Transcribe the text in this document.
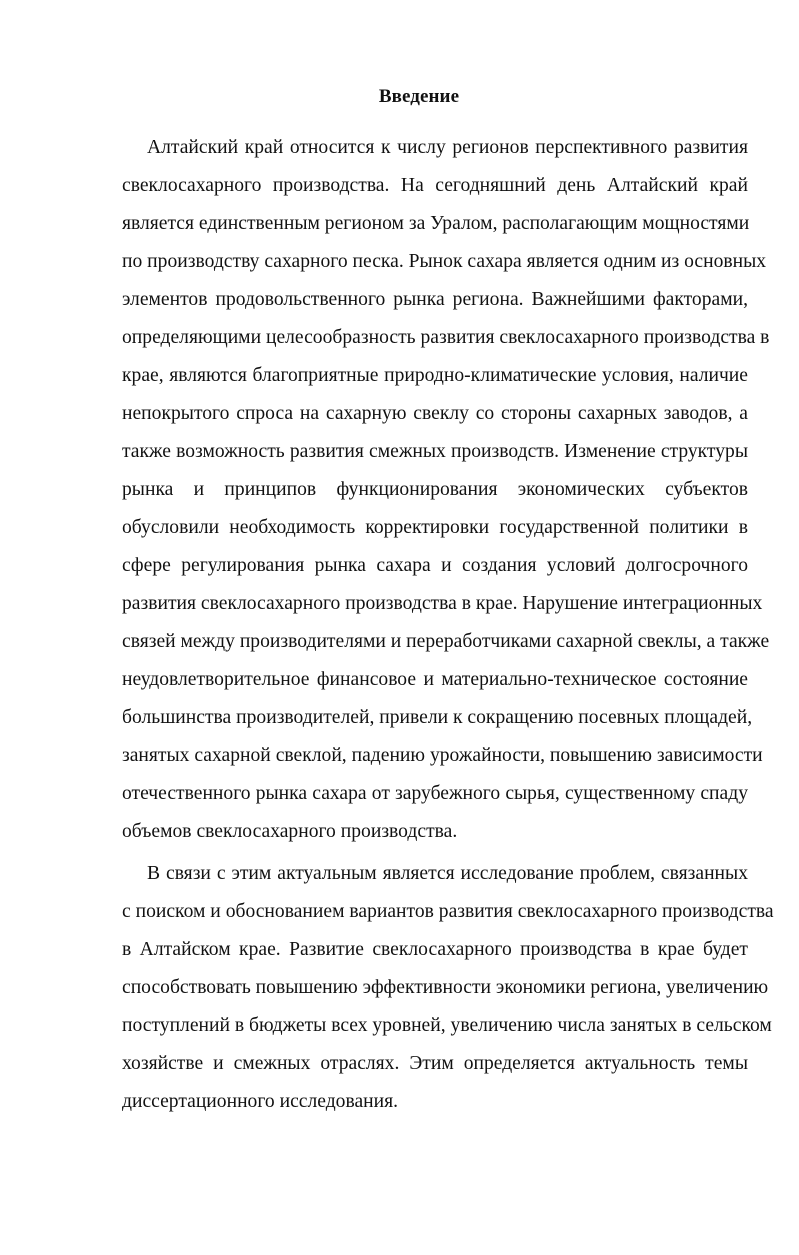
Введение
Алтайский край относится к числу регионов перспективного развития
свеклосахарного производства. На сегодняшний день Алтайский край
является единственным регионом за Уралом, располагающим мощностями
по производству сахарного песка. Рынок сахара является одним из основных
элементов продовольственного рынка региона. Важнейшими факторами,
определяющими целесообразность развития свеклосахарного производства в
крае, являются благоприятные природно-климатические условия, наличие
непокрытого спроса на сахарную свеклу со стороны сахарных заводов, а
также возможность развития смежных производств. Изменение структуры
рынка и принципов функционирования экономических субъектов
обусловили необходимость корректировки государственной политики в
сфере регулирования рынка сахара и создания условий долгосрочного
развития свеклосахарного производства в крае. Нарушение интеграционных
связей между производителями и переработчиками сахарной свеклы, а также
неудовлетворительное финансовое и материально-техническое состояние
большинства производителей, привели к сокращению посевных площадей,
занятых сахарной свеклой, падению урожайности, повышению зависимости
отечественного рынка сахара от зарубежного сырья, существенному спаду
объемов свеклосахарного производства.
В связи с этим актуальным является исследование проблем, связанных
с поиском и обоснованием вариантов развития свеклосахарного производства
в Алтайском крае. Развитие свеклосахарного производства в крае будет
способствовать повышению эффективности экономики региона, увеличению
поступлений в бюджеты всех уровней, увеличению числа занятых в сельском
хозяйстве и смежных отраслях. Этим определяется актуальность темы
диссертационного исследования.
